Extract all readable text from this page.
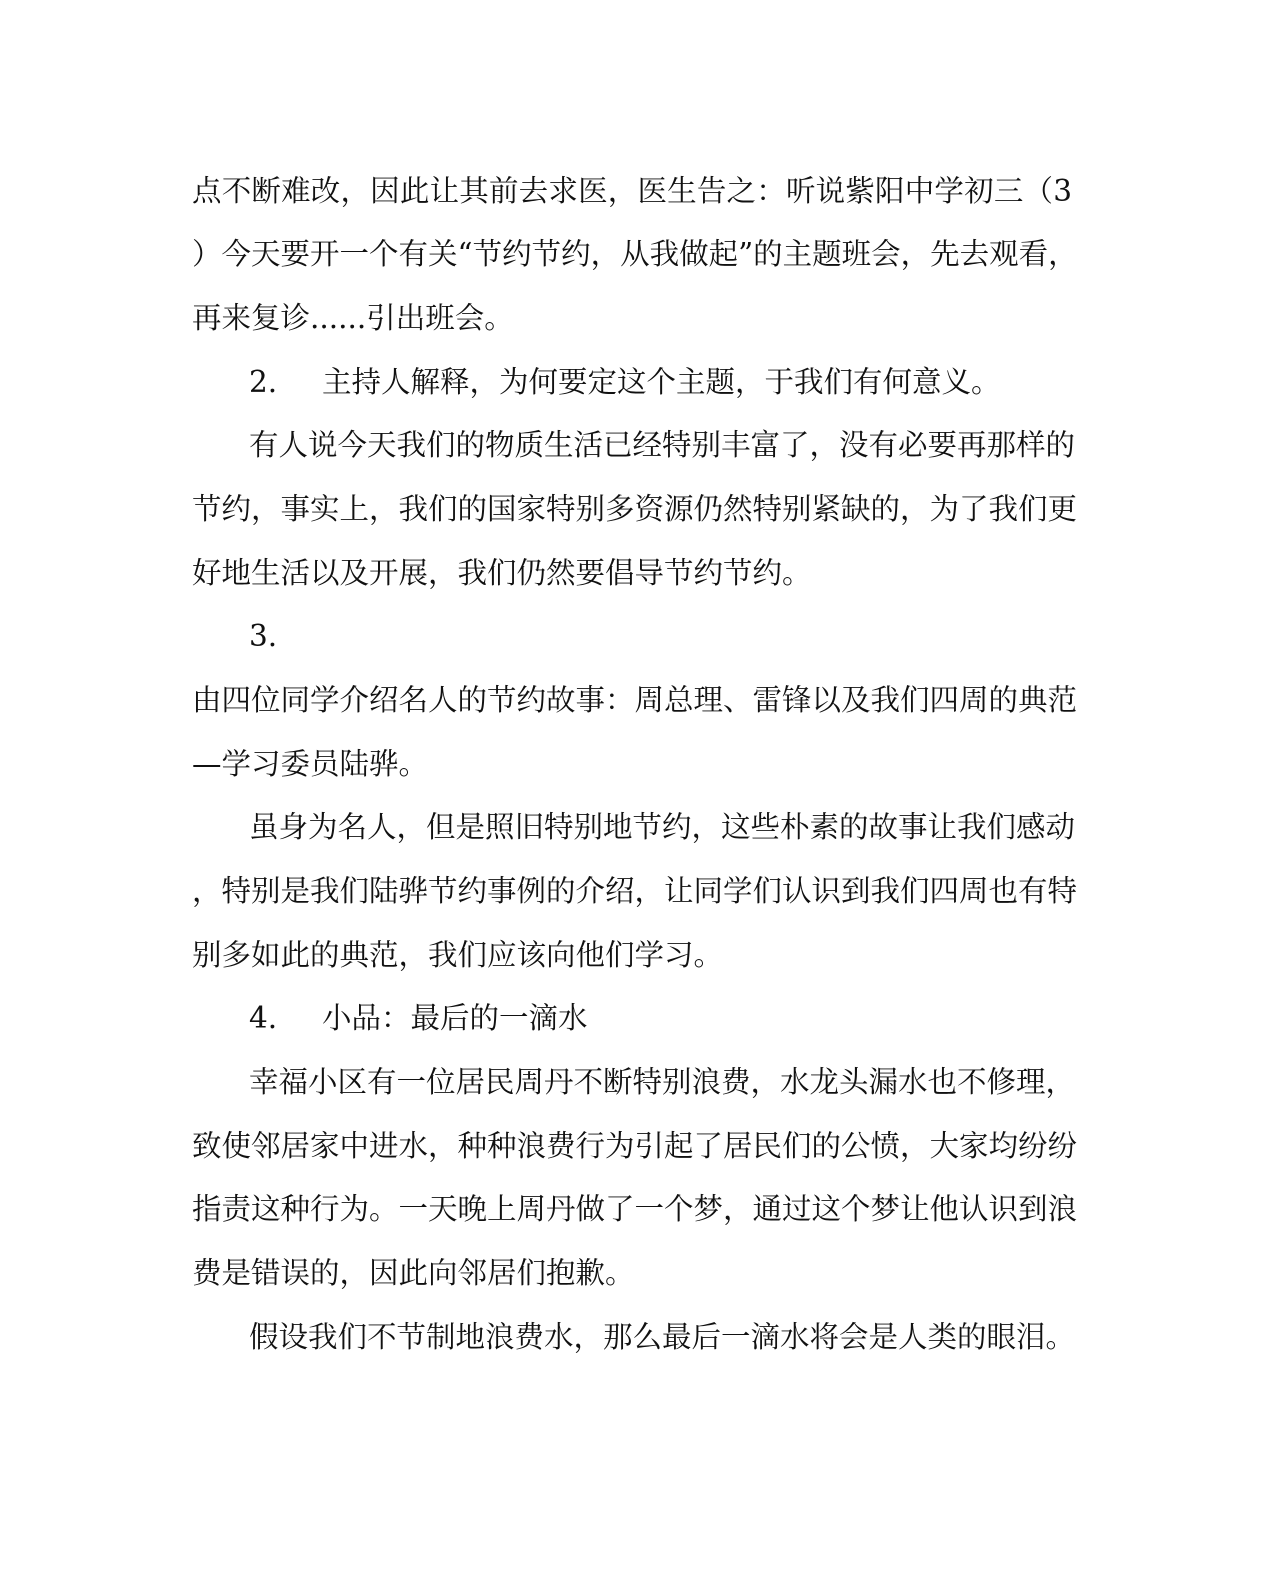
点不断难改，因此让其前去求医，医生告之：听说紫阳中学初三（3
）今天要开一个有关“节约节约，从我做起”的主题班会，先去观看，
再来复诊......引出班会。
2. 主持人解释，为何要定这个主题，于我们有何意义。
有人说今天我们的物质生活已经特别丰富了，没有必要再那样的
节约，事实上，我们的国家特别多资源仍然特别紧缺的，为了我们更
好地生活以及开展，我们仍然要倡导节约节约。
3.
由四位同学介绍名人的节约故事：周总理、雷锋以及我们四周的典范
—学习委员陆骅。
虽身为名人，但是照旧特别地节约，这些朴素的故事让我们感动
，特别是我们陆骅节约事例的介绍，让同学们认识到我们四周也有特
别多如此的典范，我们应该向他们学习。
4. 小品：最后的一滴水
幸福小区有一位居民周丹不断特别浪费，水龙头漏水也不修理，
致使邻居家中进水，种种浪费行为引起了居民们的公愤，大家均纷纷
指责这种行为。一天晚上周丹做了一个梦，通过这个梦让他认识到浪
费是错误的，因此向邻居们抱歉。
假设我们不节制地浪费水，那么最后一滴水将会是人类的眼泪。
